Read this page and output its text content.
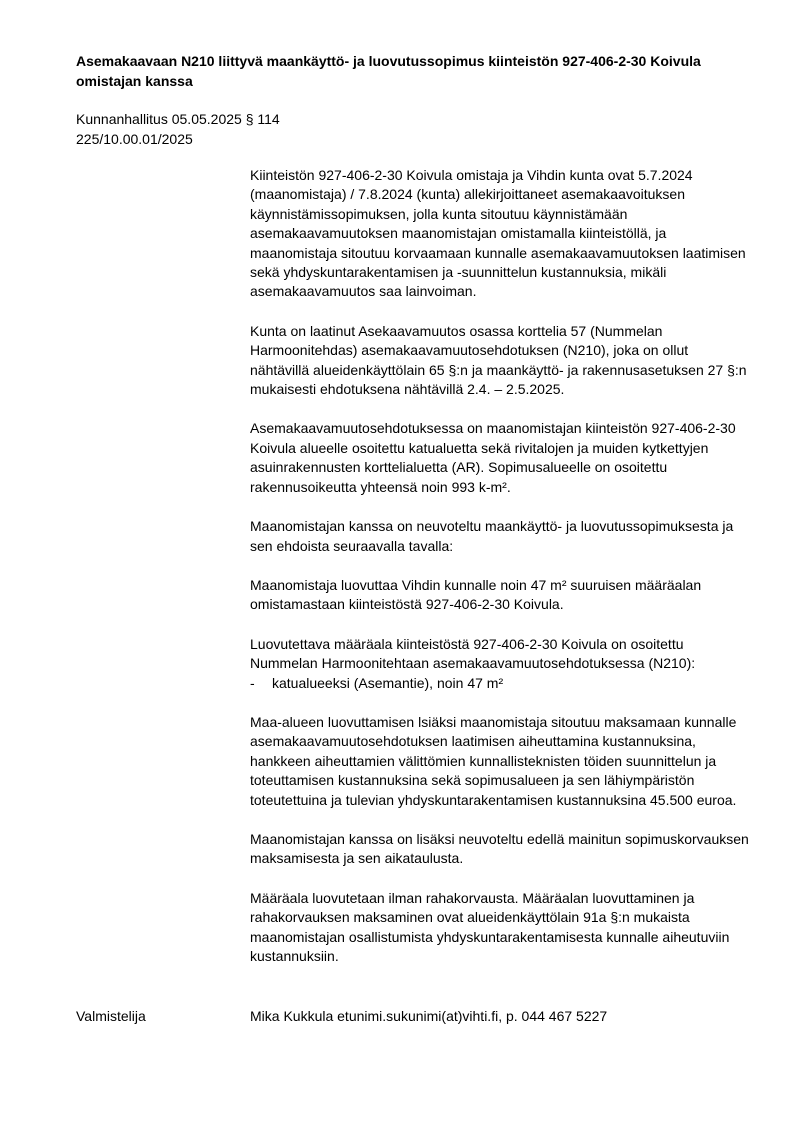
Asemakaavaan N210 liittyvä maankäyttö- ja luovutussopimus kiinteistön 927-406-2-30 Koivula omistajan kanssa
Kunnanhallitus 05.05.2025 § 114
225/10.00.01/2025

Kiinteistön 927-406-2-30 Koivula omistaja ja Vihdin kunta ovat 5.7.2024 (maanomistaja) / 7.8.2024 (kunta) allekirjoittaneet asemakaavoituksen käynnistämissopimuksen, jolla kunta sitoutuu käynnistämään asemakaavamuutoksen maanomistajan omistamalla kiinteistöllä, ja maanomistaja sitoutuu korvaamaan kunnalle asemakaavamuutoksen laatimisen sekä yhdyskuntarakentamisen ja -suunnittelun kustannuksia, mikäli asemakaavamuutos saa lainvoiman.

Kunta on laatinut Asekaavamuutos osassa korttelia 57 (Nummelan Harmoonitehdas) asemakaavamuutosehdotuksen (N210), joka on ollut nähtävillä alueidenkäyttölain 65 §:n ja maankäyttö- ja rakennusasetuksen 27 §:n mukaisesti ehdotuksena nähtävillä 2.4. – 2.5.2025.

Asemakaavamuutosehdotuksessa on maanomistajan kiinteistön 927-406-2-30 Koivula alueelle osoitettu katualuetta sekä rivitalojen ja muiden kytkettyjen asuinrakennusten korttelialuetta (AR). Sopimusalueelle on osoitettu rakennusoikeutta yhteensä noin 993 k-m².

Maanomistajan kanssa on neuvoteltu maankäyttö- ja luovutussopimuksesta ja sen ehdoista seuraavalla tavalla:

Maanomistaja luovuttaa Vihdin kunnalle noin 47 m² suuruisen määräalan omistamastaan kiinteistöstä 927-406-2-30 Koivula.

Luovutettava määräala kiinteistöstä 927-406-2-30 Koivula on osoitettu Nummelan Harmoonitehtaan asemakaavamuutosehdotuksessa (N210):

- katualueeksi (Asemantie), noin 47 m²

Maa-alueen luovuttamisen lsiäksi maanomistaja sitoutuu maksamaan kunnalle asemakaavamuutosehdotuksen laatimisen aiheuttamina kustannuksina, hankkeen aiheuttamien välittömien kunnallisteknisten töiden suunnittelun ja toteuttamisen kustannuksina sekä sopimusalueen ja sen lähiympäristön toteutettuina ja tulevian yhdyskuntarakentamisen kustannuksina 45.500 euroa.

Maanomistajan kanssa on lisäksi neuvoteltu edellä mainitun sopimuskorvauksen maksamisesta ja sen aikataulusta.

Määräala luovutetaan ilman rahakorvausta. Määräalan luovuttaminen ja rahakorvauksen maksaminen ovat alueidenkäyttölain 91a §:n mukaista maanomistajan osallistumista yhdyskuntarakentamisesta kunnalle aiheutuviin kustannuksiin.

Valmistelija	Mika Kukkula etunimi.sukunimi(at)vihti.fi, p. 044 467 5227
